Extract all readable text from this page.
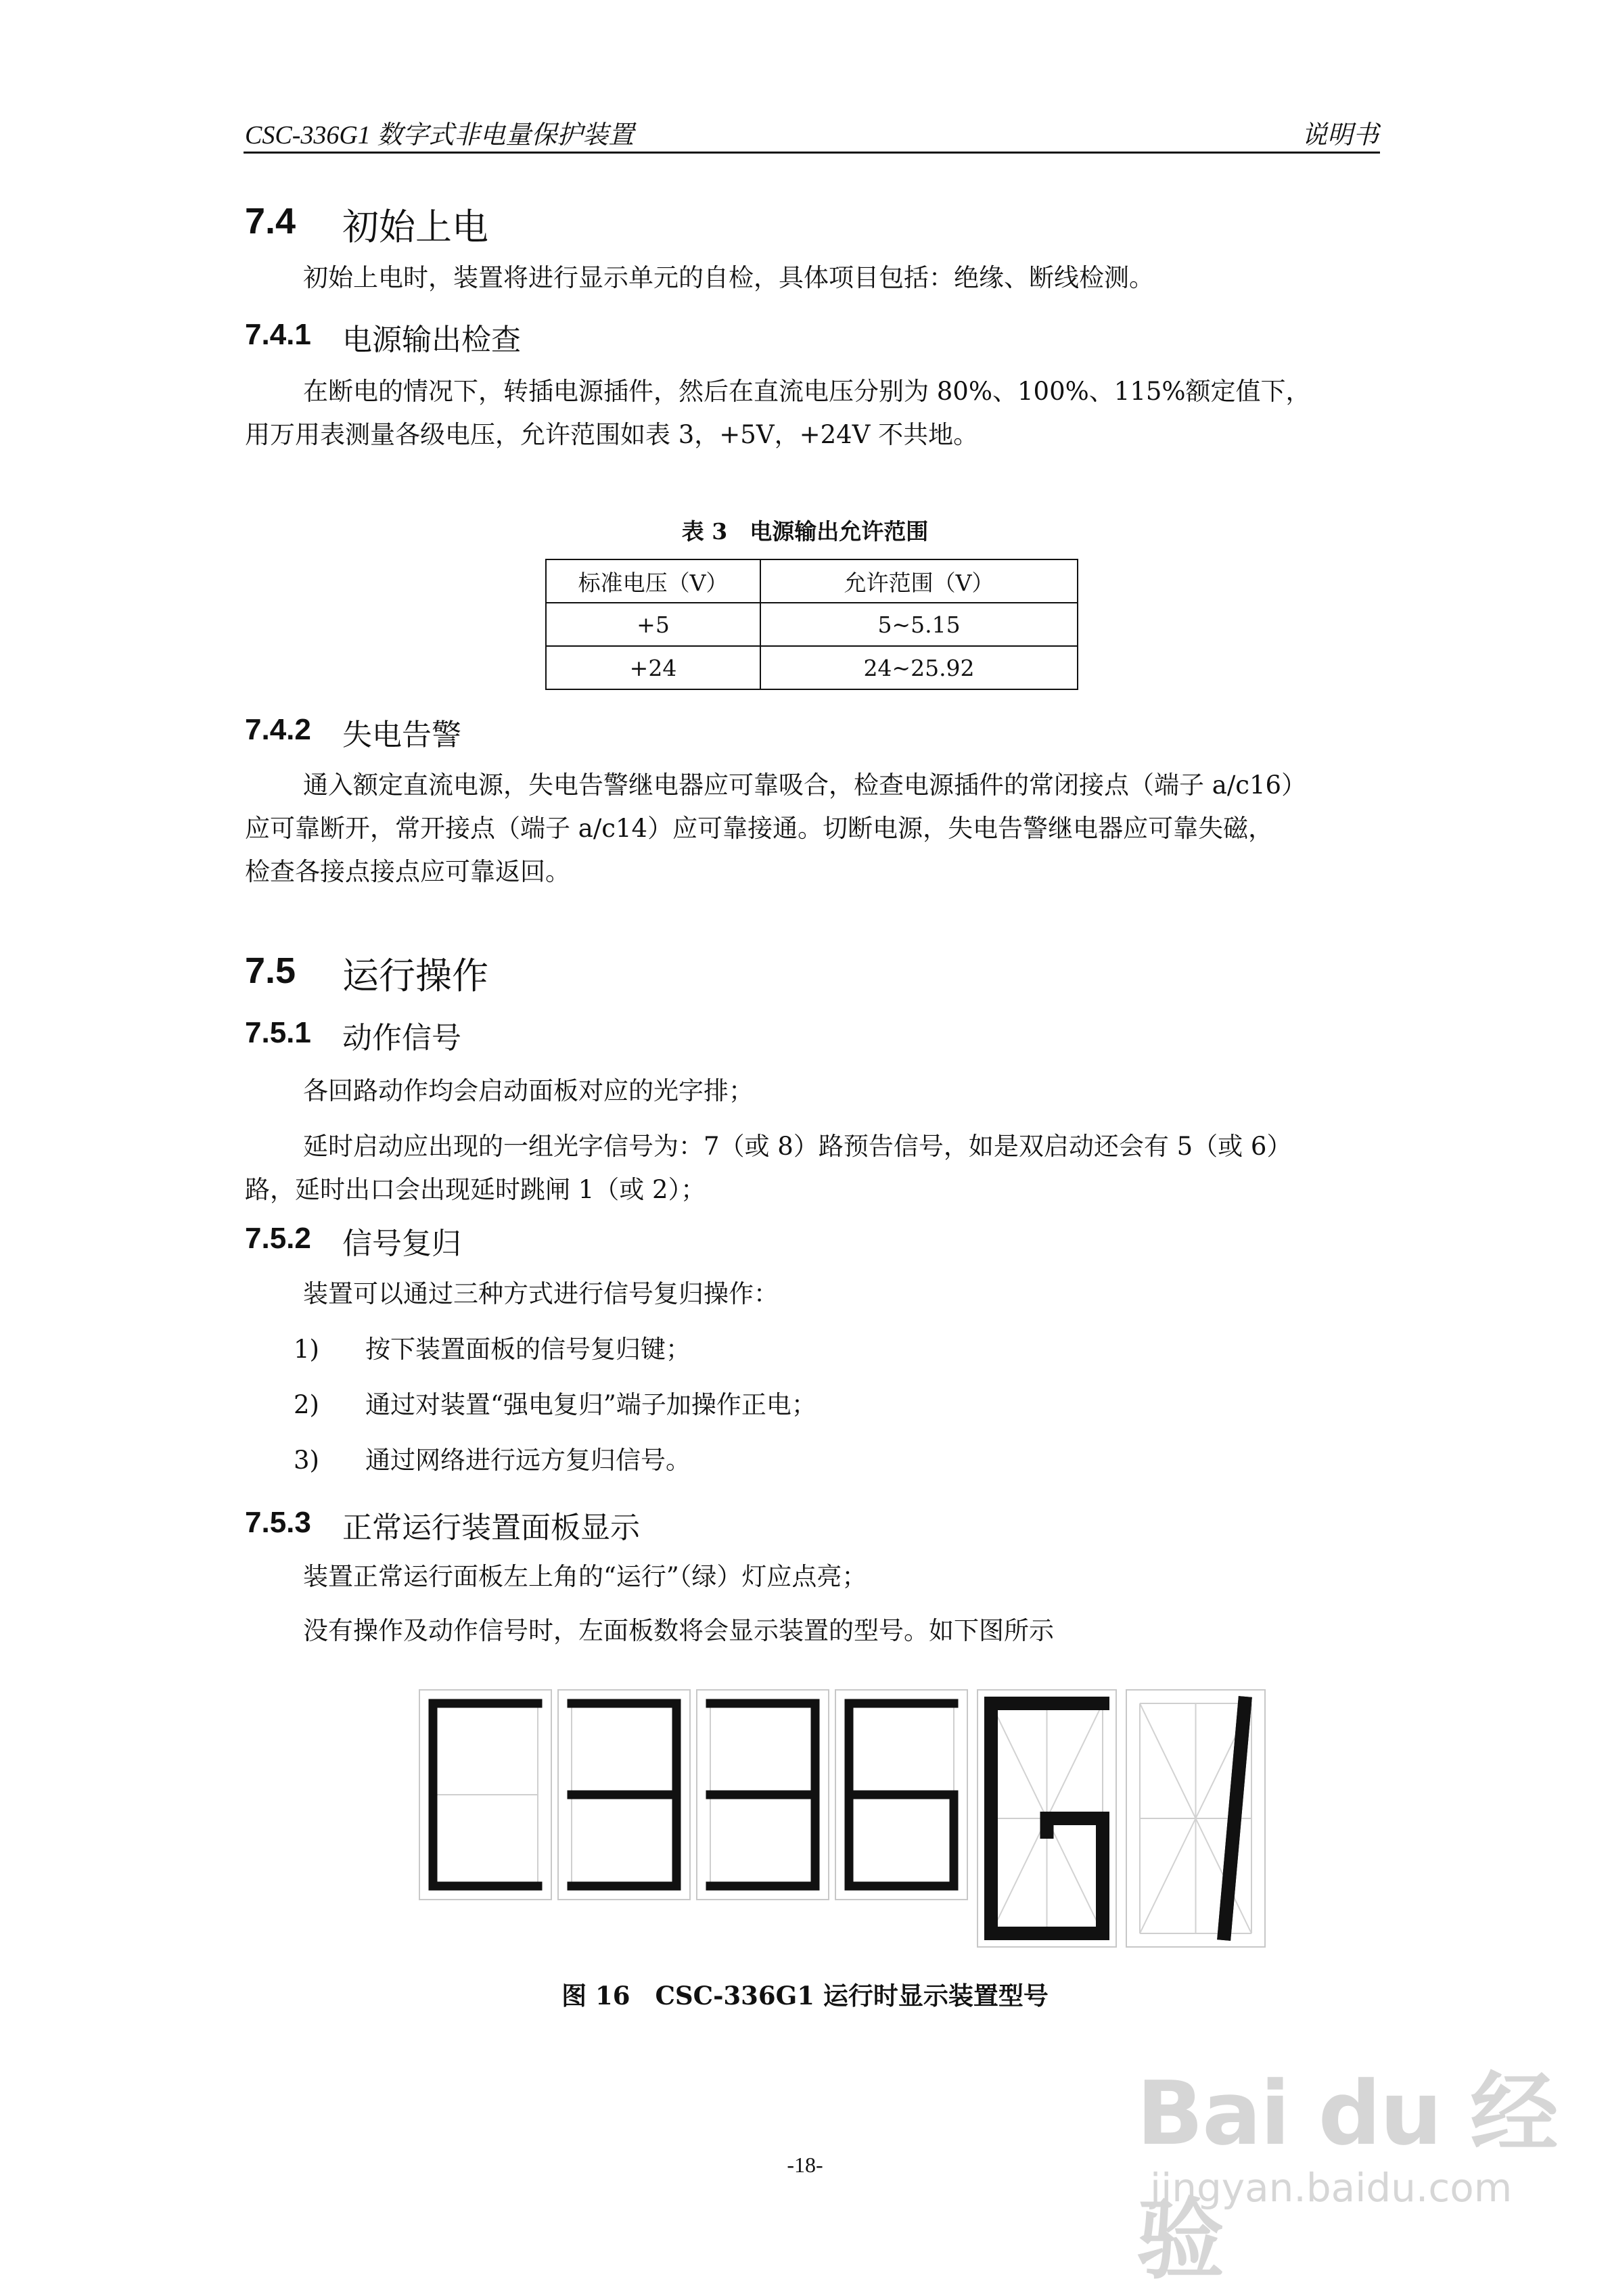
CSC-336G1 数字式非电量保护装置	说明书
7.4 初始上电
初始上电时，装置将进行显示单元的自检，具体项目包括：绝缘、断线检测。
7.4.1 电源输出检查
在断电的情况下，转插电源插件，然后在直流电压分别为 80%、100%、115%额定值下，
用万用表测量各级电压，允许范围如表 3，+5V，+24V 不共地。
表 3　电源输出允许范围
标准电压（V）	允许范围（V）
+5	5~5.15
+24	24~25.92
7.4.2 失电告警
通入额定直流电源，失电告警继电器应可靠吸合，检查电源插件的常闭接点（端子 a/c16）
应可靠断开，常开接点（端子 a/c14）应可靠接通。切断电源，失电告警继电器应可靠失磁，
检查各接点接点应可靠返回。
7.5 运行操作
7.5.1 动作信号
各回路动作均会启动面板对应的光字排；
延时启动应出现的一组光字信号为：7（或 8）路预告信号，如是双启动还会有 5（或 6）
路，延时出口会出现延时跳闸 1（或 2）；
7.5.2 信号复归
装置可以通过三种方式进行信号复归操作：
1) 按下装置面板的信号复归键；
2) 通过对装置“强电复归”端子加操作正电；
3) 通过网络进行远方复归信号。
7.5.3 正常运行装置面板显示
装置正常运行面板左上角的“运行”（绿）灯应点亮；
没有操作及动作信号时，左面板数将会显示装置的型号。如下图所示
图 16　CSC-336G1 运行时显示装置型号
-18-	Bai du 经验
jingyan.baidu.com
